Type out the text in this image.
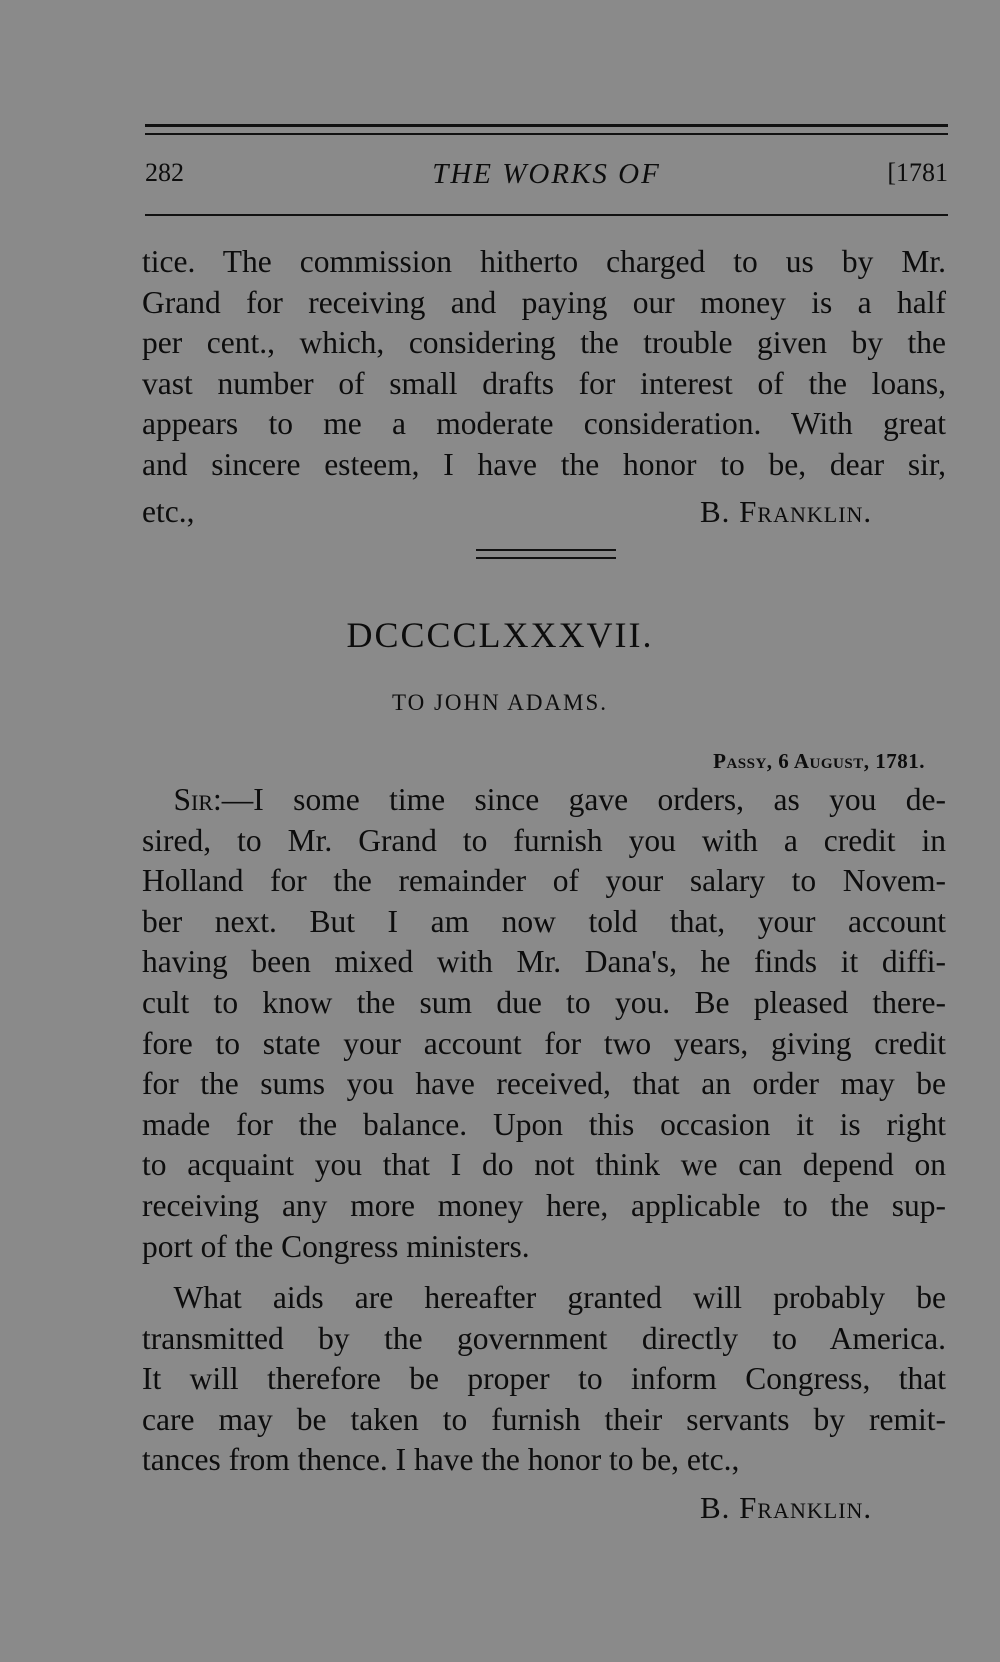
282	THE WORKS OF	[1781
tice. The commission hitherto charged to us by Mr.
Grand for receiving and paying our money is a half
per cent., which, considering the trouble given by the
vast number of small drafts for interest of the loans,
appears to me a moderate consideration. With great
and sincere esteem, I have the honor to be, dear sir,
etc.,	B. Franklin.
DCCCCLXXXVII.
TO JOHN ADAMS.
Passy, 6 August, 1781.
 Sir:—I some time since gave orders, as you de-
sired, to Mr. Grand to furnish you with a credit in
Holland for the remainder of your salary to Novem-
ber next. But I am now told that, your account
having been mixed with Mr. Dana's, he finds it diffi-
cult to know the sum due to you. Be pleased there-
fore to state your account for two years, giving credit
for the sums you have received, that an order may be
made for the balance. Upon this occasion it is right
to acquaint you that I do not think we can depend on
receiving any more money here, applicable to the sup-
port of the Congress ministers.
 What aids are hereafter granted will probably be
transmitted by the government directly to America.
It will therefore be proper to inform Congress, that
care may be taken to furnish their servants by remit-
tances from thence. I have the honor to be, etc.,
B. Franklin.
